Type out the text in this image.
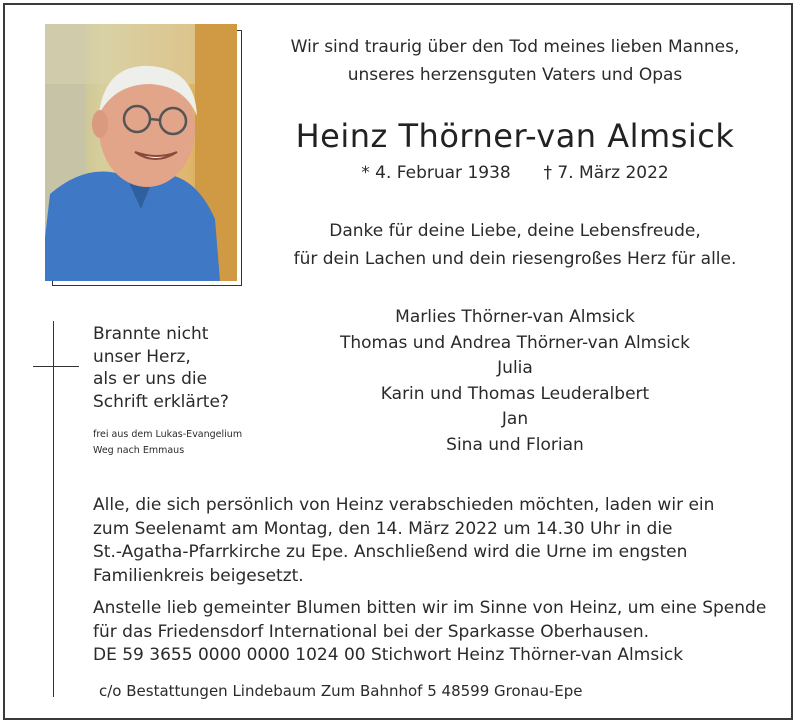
Wir sind traurig über den Tod meines lieben Mannes,
unseres herzensguten Vaters und Opas
Heinz Thörner-van Almsick
* 4. Februar 1938 † 7. März 2022
Danke für deine Liebe, deine Lebensfreude,
für dein Lachen und dein riesengroßes Herz für alle.
Marlies Thörner-van Almsick
Thomas und Andrea Thörner-van Almsick
Julia
Karin und Thomas Leuderalbert
Jan
Sina und Florian
Brannte nicht
unser Herz,
als er uns die
Schrift erklärte?
frei aus dem Lukas-Evangelium
Weg nach Emmaus
Alle, die sich persönlich von Heinz verabschieden möchten, laden wir ein
zum Seelenamt am Montag, den 14. März 2022 um 14.30 Uhr in die
St.-Agatha-Pfarrkirche zu Epe. Anschließend wird die Urne im engsten
Familienkreis beigesetzt.
Anstelle lieb gemeinter Blumen bitten wir im Sinne von Heinz, um eine Spende
für das Friedensdorf International bei der Sparkasse Oberhausen.
DE 59 3655 0000 0000 1024 00 Stichwort Heinz Thörner-van Almsick
c/o Bestattungen Lindebaum Zum Bahnhof 5 48599 Gronau-Epe
